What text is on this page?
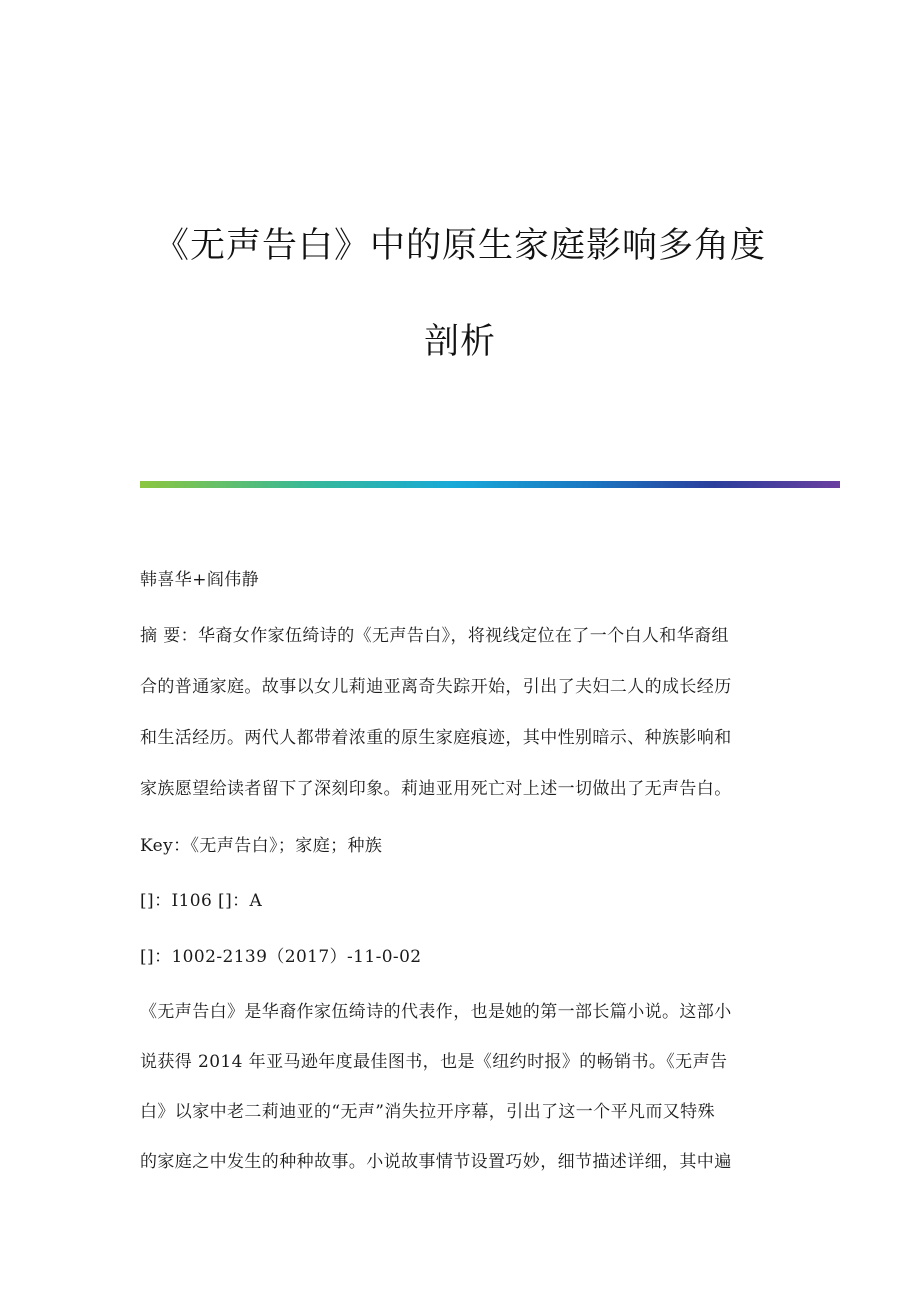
《无声告白》中的原生家庭影响多角度
剖析
韩喜华+阎伟静
摘 要：华裔女作家伍绮诗的《无声告白》，将视线定位在了一个白人和华裔组
合的普通家庭。故事以女儿莉迪亚离奇失踪开始，引出了夫妇二人的成长经历
和生活经历。两代人都带着浓重的原生家庭痕迹，其中性别暗示、种族影响和
家族愿望给读者留下了深刻印象。莉迪亚用死亡对上述一切做出了无声告白。
Key：《无声告白》；家庭；种族
[]：I106 []：A
[]：1002-2139（2017）-11-0-02
《无声告白》是华裔作家伍绮诗的代表作，也是她的第一部长篇小说。这部小
说获得 2014 年亚马逊年度最佳图书，也是《纽约时报》的畅销书。《无声告
白》以家中老二莉迪亚的“无声”消失拉开序幕，引出了这一个平凡而又特殊
的家庭之中发生的种种故事。小说故事情节设置巧妙，细节描述详细，其中遍
